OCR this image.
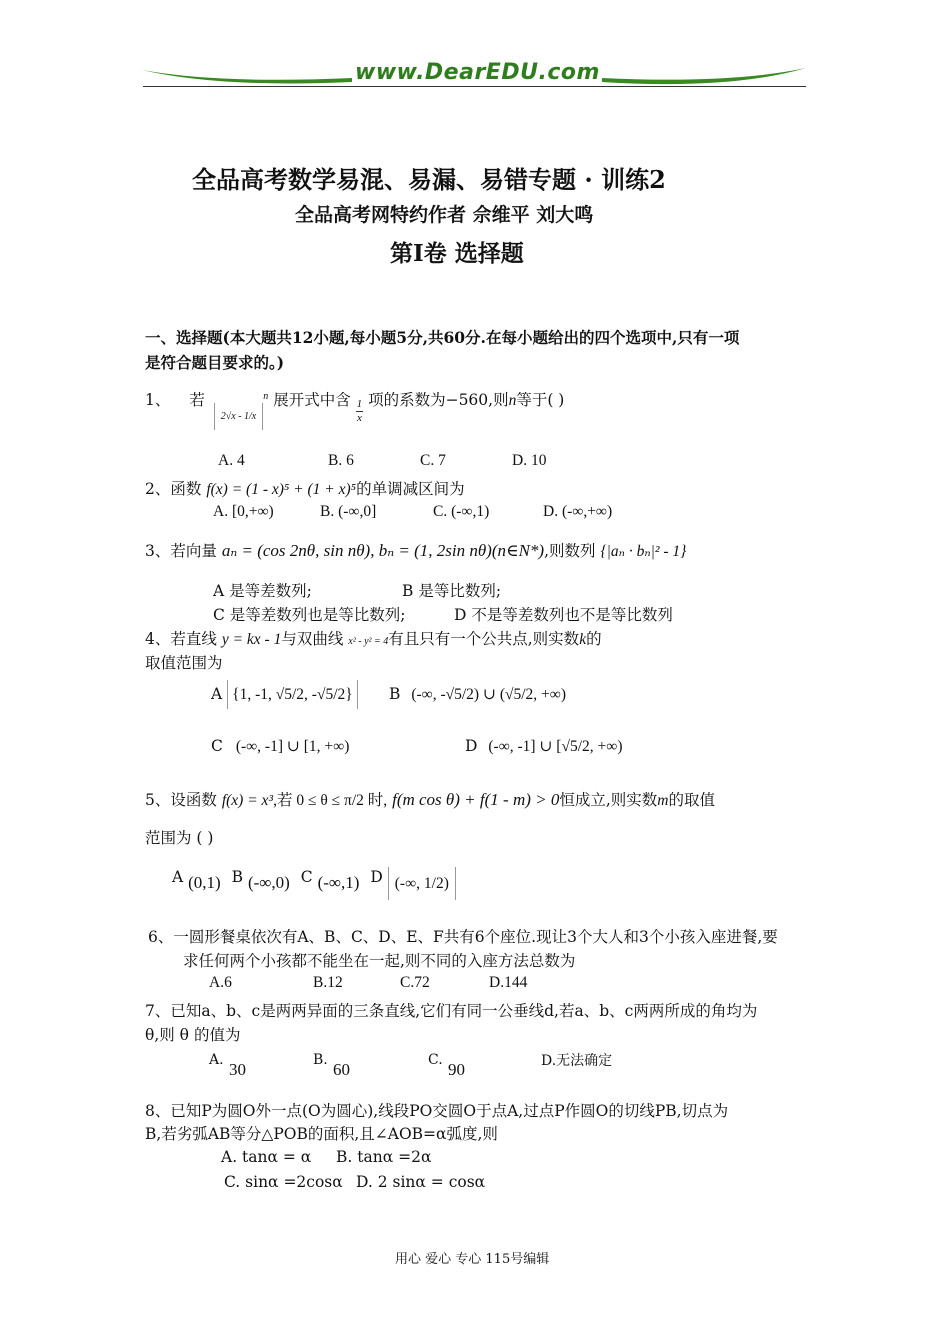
www.DearEDU.com
全品高考数学易混、易漏、易错专题 · 训练2
全品高考网特约作者 佘维平 刘大鸣
第Ⅰ卷 选择题
一、选择题(本大题共12小题,每小题5分,共60分.在每小题给出的四个选项中,只有一项
是符合题目要求的。)
1、 若 $_{2√x - 1/x}^n$ 展开式中含 $\frac{1}{x}$ 项的系数为−560,则n等于( )
A. 4	B. 6	C. 7	D. 10
2、函数 f(x) = (1 - x)⁵ + (1 + x)⁵的单调减区间为
A. [0,+∞)	B. (-∞,0]	C. (-∞,1)	D. (-∞,+∞)
3、若向量 aₙ = (cos 2nθ, sin nθ), bₙ = (1, 2sin nθ)(n∈N*),则数列 {|aₙ · bₙ|² - 1}
A 是等差数列;	B 是等比数列;
C 是等差数列也是等比数列;	D 不是等差数列也不是等比数列
4、若直线 y = kx - 1与双曲线 x² - y² = 4有且只有一个公共点,则实数k的
取值范围为
A {1, -1, √5/2, -√5/2}	B (-∞, -√5/2) ∪ (√5/2, +∞)
C (-∞, -1] ∪ [1, +∞)	D (-∞, -1] ∪ [√5/2, +∞)
5、设函数 f(x) = x³,若 0 ≤ θ ≤ π/2 时, f(m cos θ) + f(1 - m) > 0恒成立,则实数m的取值
范围为 ( )
A (0,1) B (-∞,0) C (-∞,1) D (-∞, 1/2)
6、一圆形餐桌依次有A、B、C、D、E、F共有6个座位.现让3个大人和3个小孩入座进餐,要
求任何两个小孩都不能坐在一起,则不同的入座方法总数为
A.6	B.12	C.72	D.144
7、已知a、b、c是两两异面的三条直线,它们有同一公垂线d,若a、b、c两两所成的角均为
θ,则 θ 的值为
A. 30	B. 60	C. 90	D.无法确定
8、已知P为圆O外一点(O为圆心),线段PO交圆O于点A,过点P作圆O的切线PB,切点为
B,若劣弧AB等分△POB的面积,且∠AOB=α弧度,则
A. tanα = α B. tanα =2α
C. sinα =2cosα D. 2 sinα = cosα
用心 爱心 专心 115号编辑
